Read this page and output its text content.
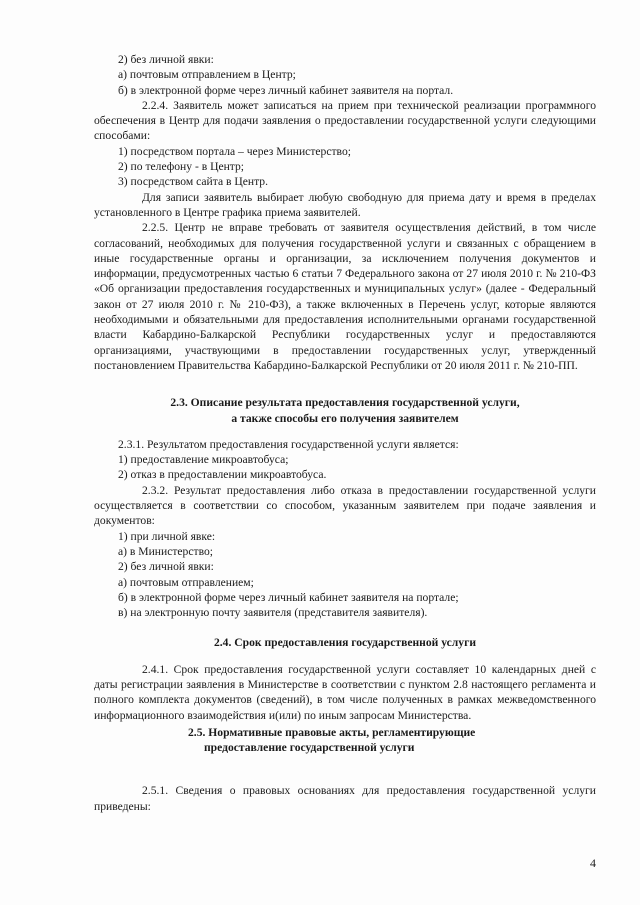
2) без личной явки:

а) почтовым отправлением в Центр;

б) в электронной форме через личный кабинет заявителя на портал.

2.2.4. Заявитель может записаться на прием при технической реализации программного обеспечения в Центр для подачи заявления о предоставлении государственной услуги следующими способами:

1) посредством портала – через Министерство;

2) по телефону - в Центр;

3) посредством сайта в Центр.

Для записи заявитель выбирает любую свободную для приема дату и время в пределах установленного в Центре графика приема заявителей.

2.2.5. Центр не вправе требовать от заявителя осуществления действий, в том числе согласований, необходимых для получения государственной услуги и связанных с обращением в иные государственные органы и организации, за исключением получения документов и информации, предусмотренных частью 6 статьи 7 Федерального закона от 27 июля 2010 г. № 210-ФЗ «Об организации предоставления государственных и муниципальных услуг» (далее - Федеральный закон от 27 июля 2010 г. № 210-ФЗ), а также включенных в Перечень услуг, которые являются необходимыми и обязательными для предоставления исполнительными органами государственной власти Кабардино-Балкарской Республики государственных услуг и предоставляются организациями, участвующими в предоставлении государственных услуг, утвержденный постановлением Правительства Кабардино-Балкарской Республики от 20 июля 2011 г. № 210-ПП.

2.3. Описание результата предоставления государственной услуги,

а также способы его получения заявителем

2.3.1. Результатом предоставления государственной услуги является:

1) предоставление микроавтобуса;

2) отказ в предоставлении микроавтобуса.

2.3.2. Результат предоставления либо отказа в предоставлении государственной услуги осуществляется в соответствии со способом, указанным заявителем при подаче заявления и документов:

1) при личной явке:

а) в Министерство;

2) без личной явки:

а) почтовым отправлением;

б) в электронной форме через личный кабинет заявителя на портале;

в) на электронную почту заявителя (представителя заявителя).

2.4. Срок предоставления государственной услуги

2.4.1. Срок предоставления государственной услуги составляет 10 календарных дней с даты регистрации заявления в Министерстве в соответствии с пунктом 2.8 настоящего регламента и полного комплекта документов (сведений), в том числе полученных в рамках межведомственного информационного взаимодействия и(или) по иным запросам Министерства.

2.5. Нормативные правовые акты, регламентирующие

предоставление государственной услуги

2.5.1. Сведения о правовых основаниях для предоставления государственной услуги приведены:

4
